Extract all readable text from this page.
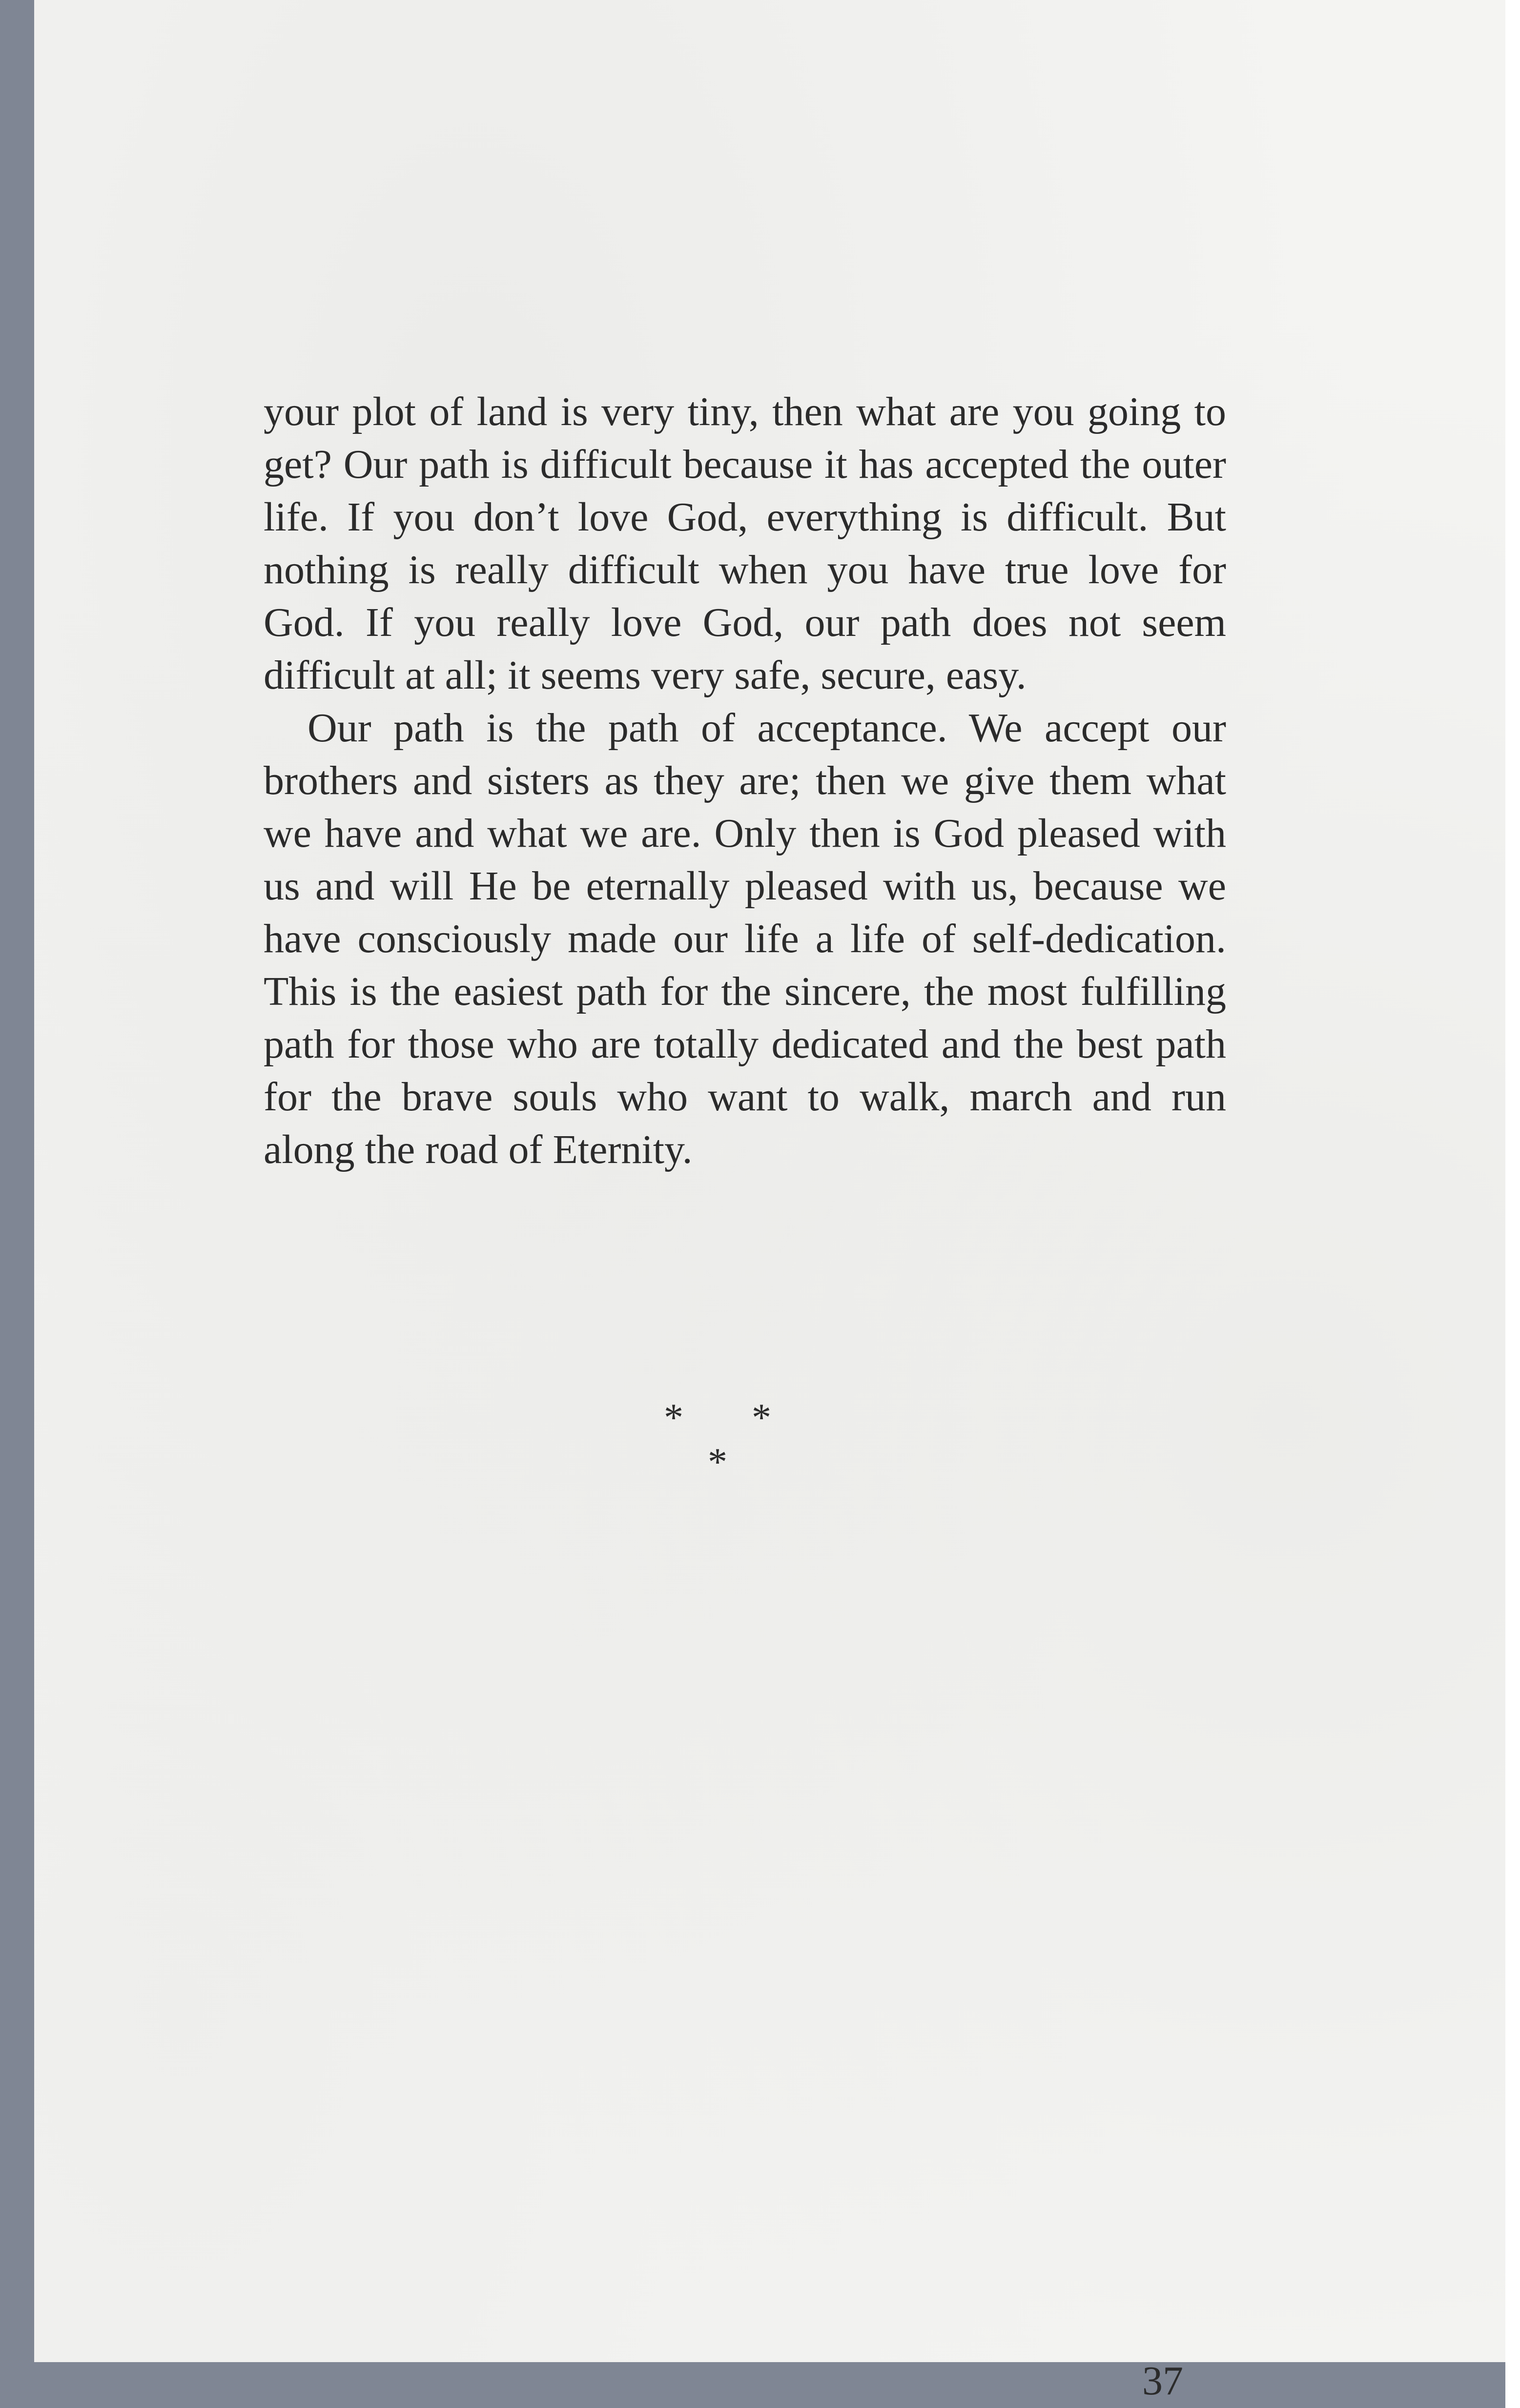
your plot of land is very tiny, then what are you going to get? Our path is difficult because it has accepted the outer life. If you don’t love God, everything is difficult. But nothing is really difficult when you have true love for God. If you really love God, our path does not seem difficult at all; it seems very safe, secure, easy.

Our path is the path of acceptance. We accept our brothers and sisters as they are; then we give them what we have and what we are. Only then is God pleased with us and will He be eternally pleased with us, because we have consciously made our life a life of self-dedication. This is the easiest path for the sincere, the most fulfilling path for those who are totally dedicated and the best path for the brave souls who want to walk, march and run along the road of Eternity.

* * *
37
